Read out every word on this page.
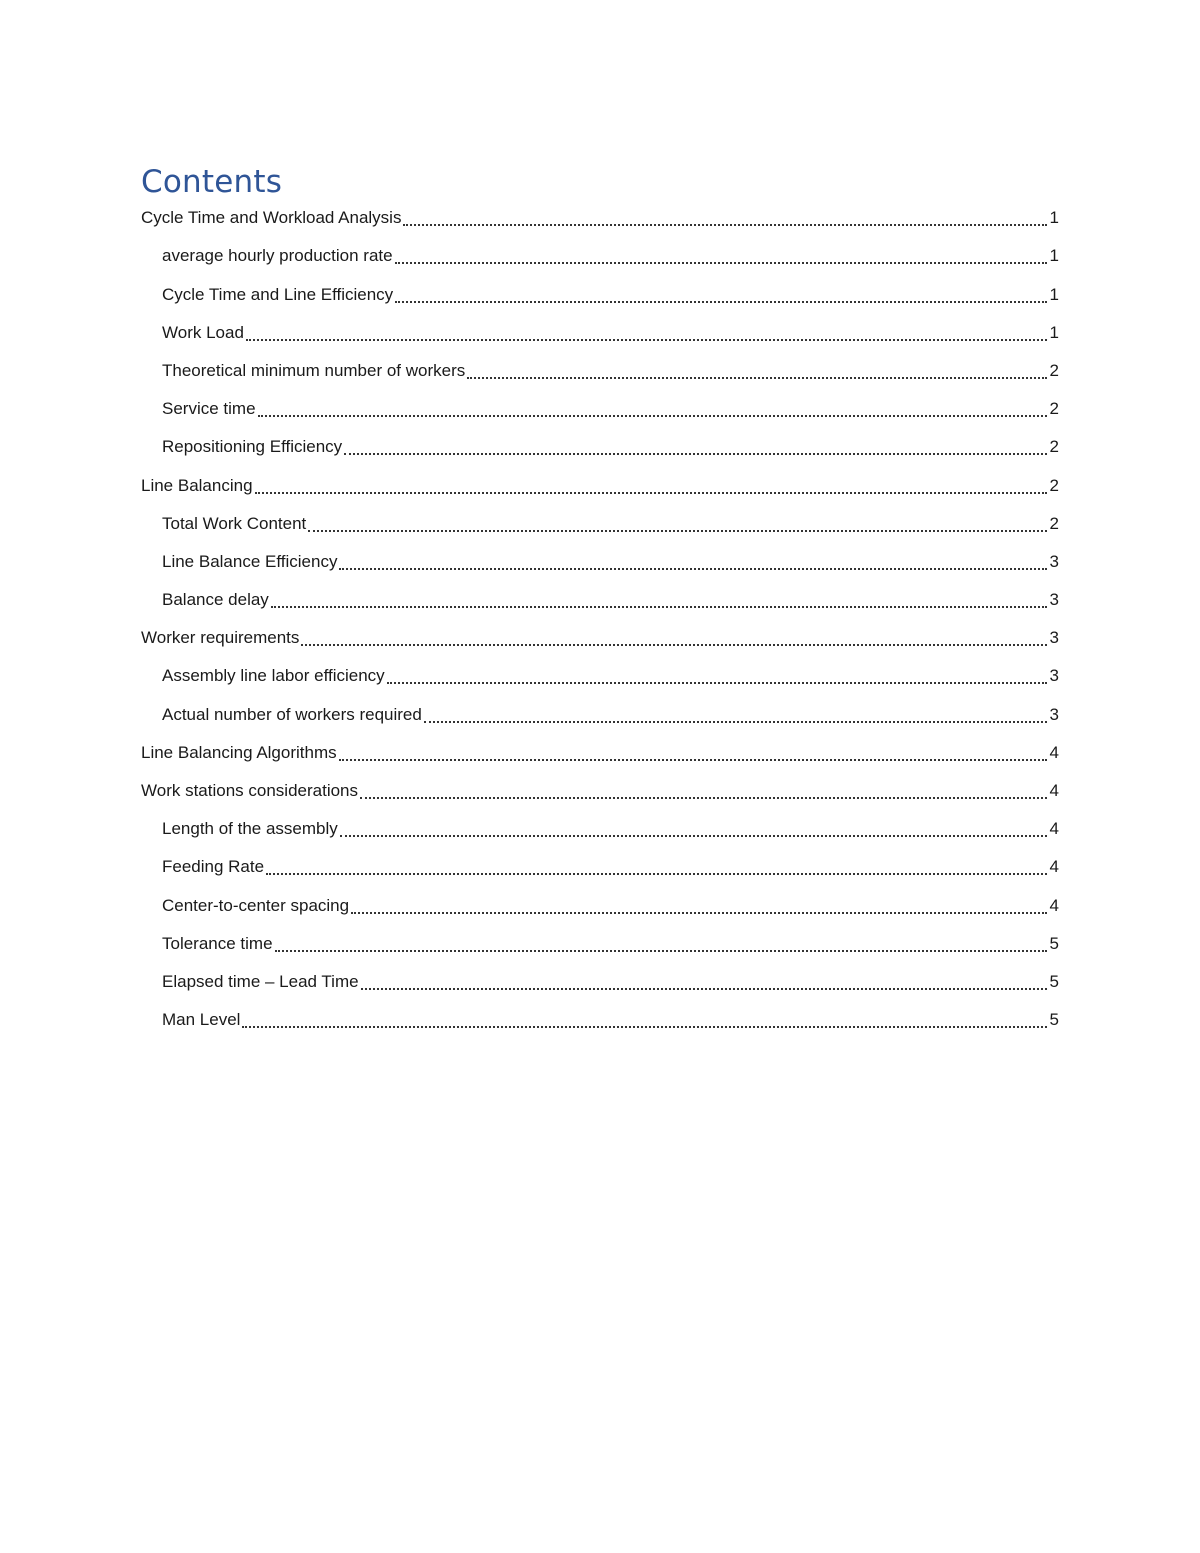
Contents
Cycle Time and Workload Analysis	1
average hourly production rate	1
Cycle Time and Line Efficiency	1
Work Load	1
Theoretical minimum number of workers	2
Service time	2
Repositioning Efficiency	2
Line Balancing	2
Total Work Content	2
Line Balance Efficiency	3
Balance delay	3
Worker requirements	3
Assembly line labor efficiency	3
Actual number of workers required	3
Line Balancing Algorithms	4
Work stations considerations	4
Length of the assembly	4
Feeding Rate	4
Center-to-center spacing	4
Tolerance time	5
Elapsed time – Lead Time	5
Man Level	5
